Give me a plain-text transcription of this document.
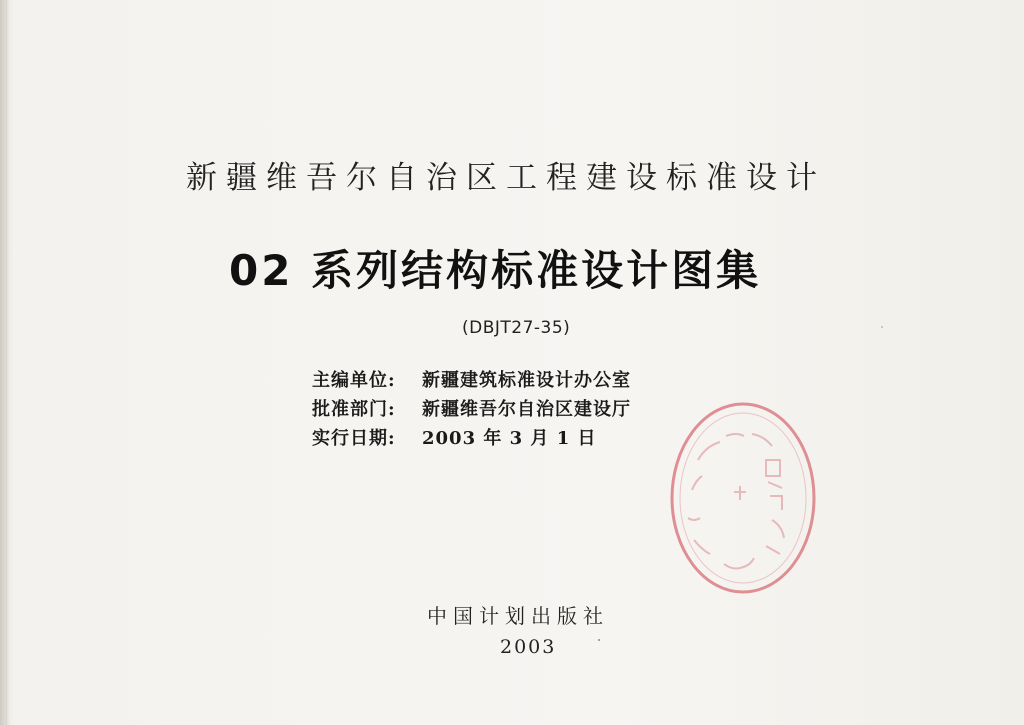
新疆维吾尔自治区工程建设标准设计
02 系列结构标准设计图集
(DBJT27-35)
主编单位: 新疆建筑标准设计办公室
批准部门: 新疆维吾尔自治区建设厅
实行日期: 2003 年 3 月 1 日
中国计划出版社
2003
